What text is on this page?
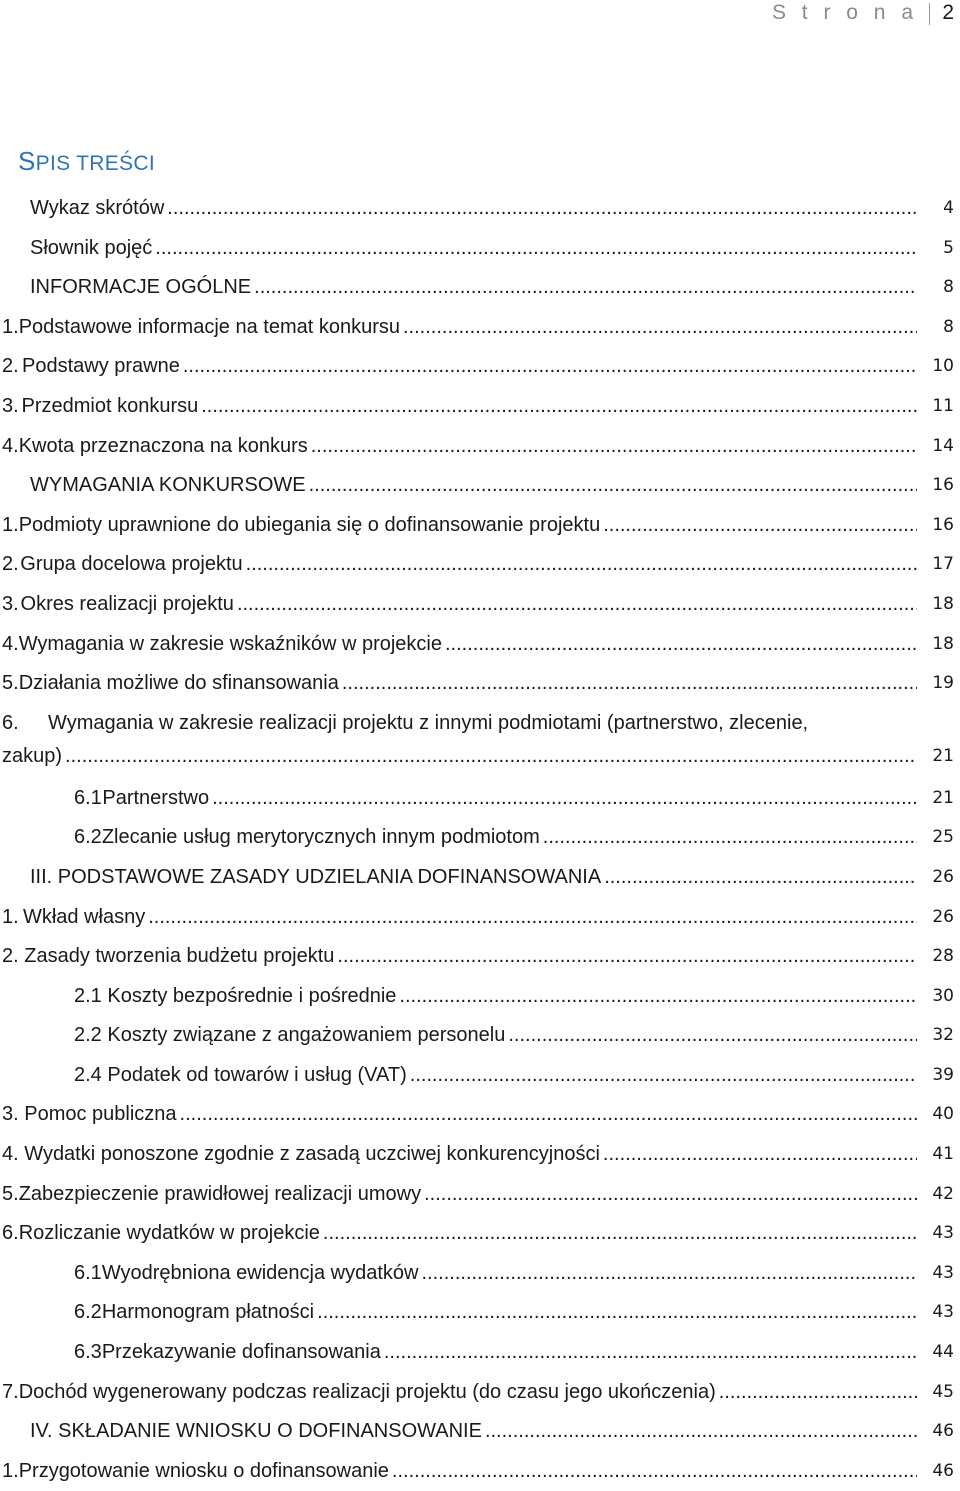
S t r o n a 2
SPIS TREŚCI
Wykaz skrótów .....	4
Słownik pojęć .....	5
INFORMACJE OGÓLNE .....	8
1. Podstawowe informacje na temat konkursu .....	8
2. Podstawy prawne .....	10
3. Przedmiot konkursu .....	11
4. Kwota przeznaczona na konkurs .....	14
WYMAGANIA KONKURSOWE .....	16
1. Podmioty uprawnione do ubiegania się o dofinansowanie projektu .....	16
2. Grupa docelowa projektu .....	17
3. Okres realizacji projektu .....	18
4. Wymagania w zakresie wskaźników w projekcie .....	18
5. Działania możliwe do sfinansowania .....	19
6. Wymagania w zakresie realizacji projektu z innymi podmiotami (partnerstwo, zlecenie,
zakup) .....	21
6.1 Partnerstwo .....	21
6.2 Zlecanie usług merytorycznych innym podmiotom .....	25
III. PODSTAWOWE ZASADY UDZIELANIA DOFINANSOWANIA .....	26
1. Wkład własny .....	26
2. Zasady tworzenia budżetu projektu .....	28
2.1 Koszty bezpośrednie i pośrednie .....	30
2.2 Koszty związane z angażowaniem personelu .....	32
2.4 Podatek od towarów i usług (VAT) .....	39
3. Pomoc publiczna .....	40
4. Wydatki ponoszone zgodnie z zasadą uczciwej konkurencyjności .....	41
5. Zabezpieczenie prawidłowej realizacji umowy .....	42
6. Rozliczanie wydatków w projekcie .....	43
6.1 Wyodrębniona ewidencja wydatków .....	43
6.2 Harmonogram płatności .....	43
6.3 Przekazywanie dofinansowania .....	44
7. Dochód wygenerowany podczas realizacji projektu (do czasu jego ukończenia) .....	45
IV. SKŁADANIE WNIOSKU O DOFINANSOWANIE .....	46
1. Przygotowanie wniosku o dofinansowanie .....	46
